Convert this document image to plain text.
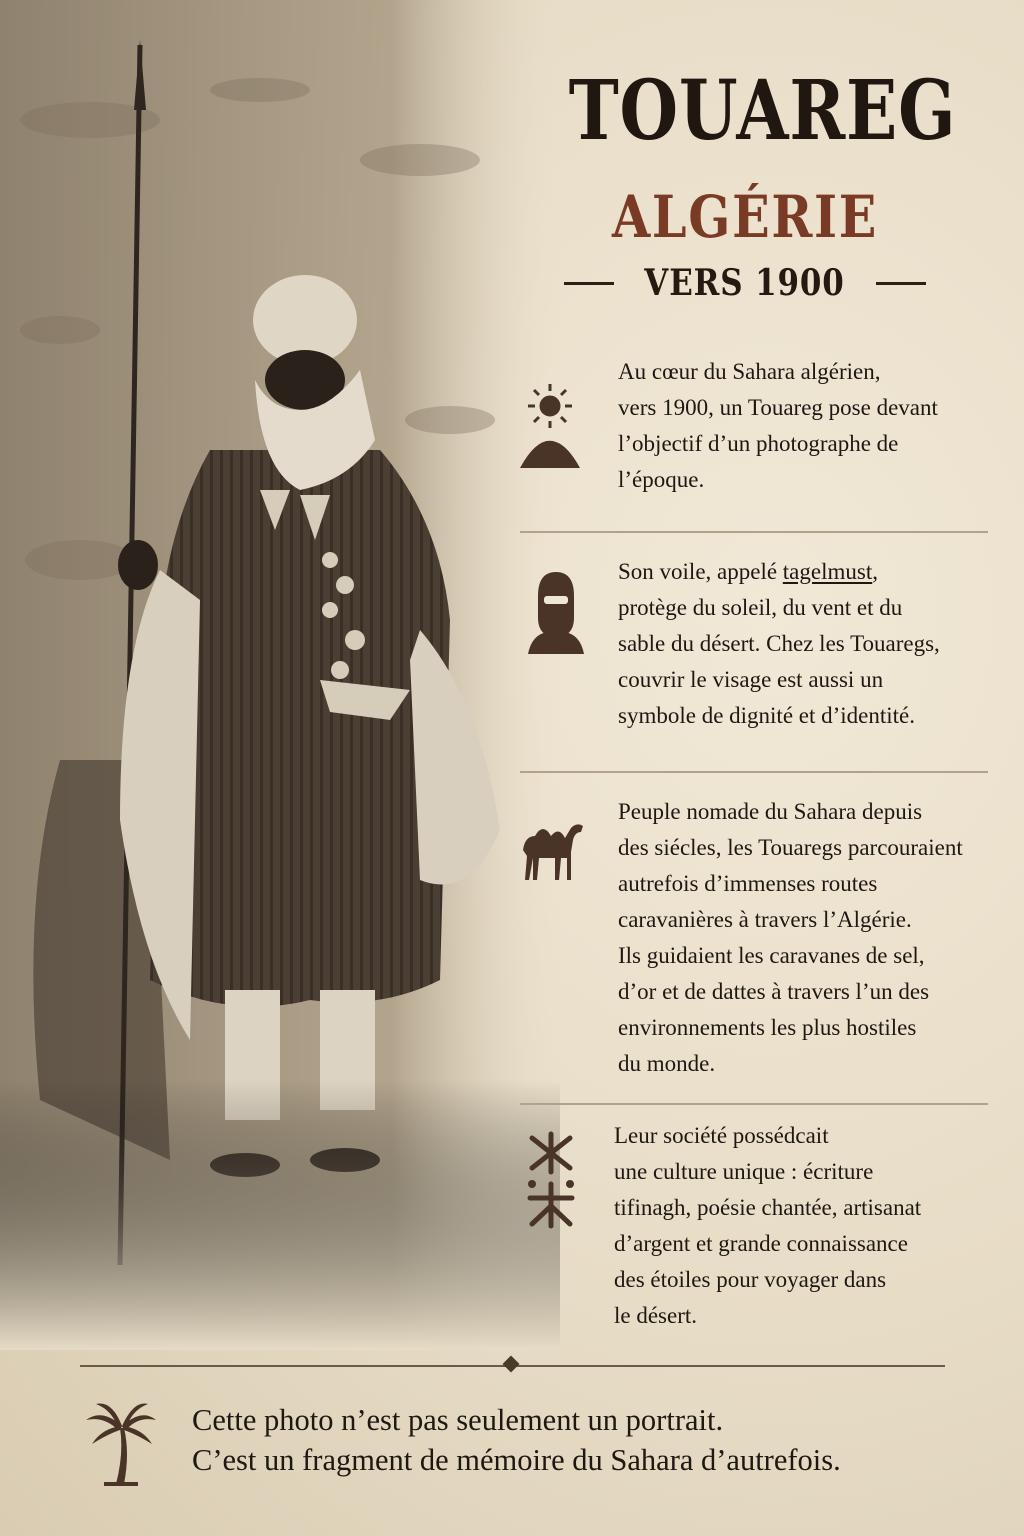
TOUAREG
ALGÉRIE
VERS 1900
Au cœur du Sahara algérien,
vers 1900, un Touareg pose devant
l’objectif d’un photographe de
l’époque.
Son voile, appelé tagelmust,
protège du soleil, du vent et du
sable du désert. Chez les Touaregs,
couvrir le visage est aussi un
symbole de dignité et d’identité.
Peuple nomade du Sahara depuis
des siécles, les Touaregs parcouraient
autrefois d’immenses routes
caravanières à travers l’Algérie.
Ils guidaient les caravanes de sel,
d’or et de dattes à travers l’un des
environnements les plus hostiles
du monde.
Leur société possédcait
une culture unique : écriture
tifinagh, poésie chantée, artisanat
d’argent et grande connaissance
des étoiles pour voyager dans
le désert.
Cette photo n’est pas seulement un portrait.
C’est un fragment de mémoire du Sahara d’autrefois.
